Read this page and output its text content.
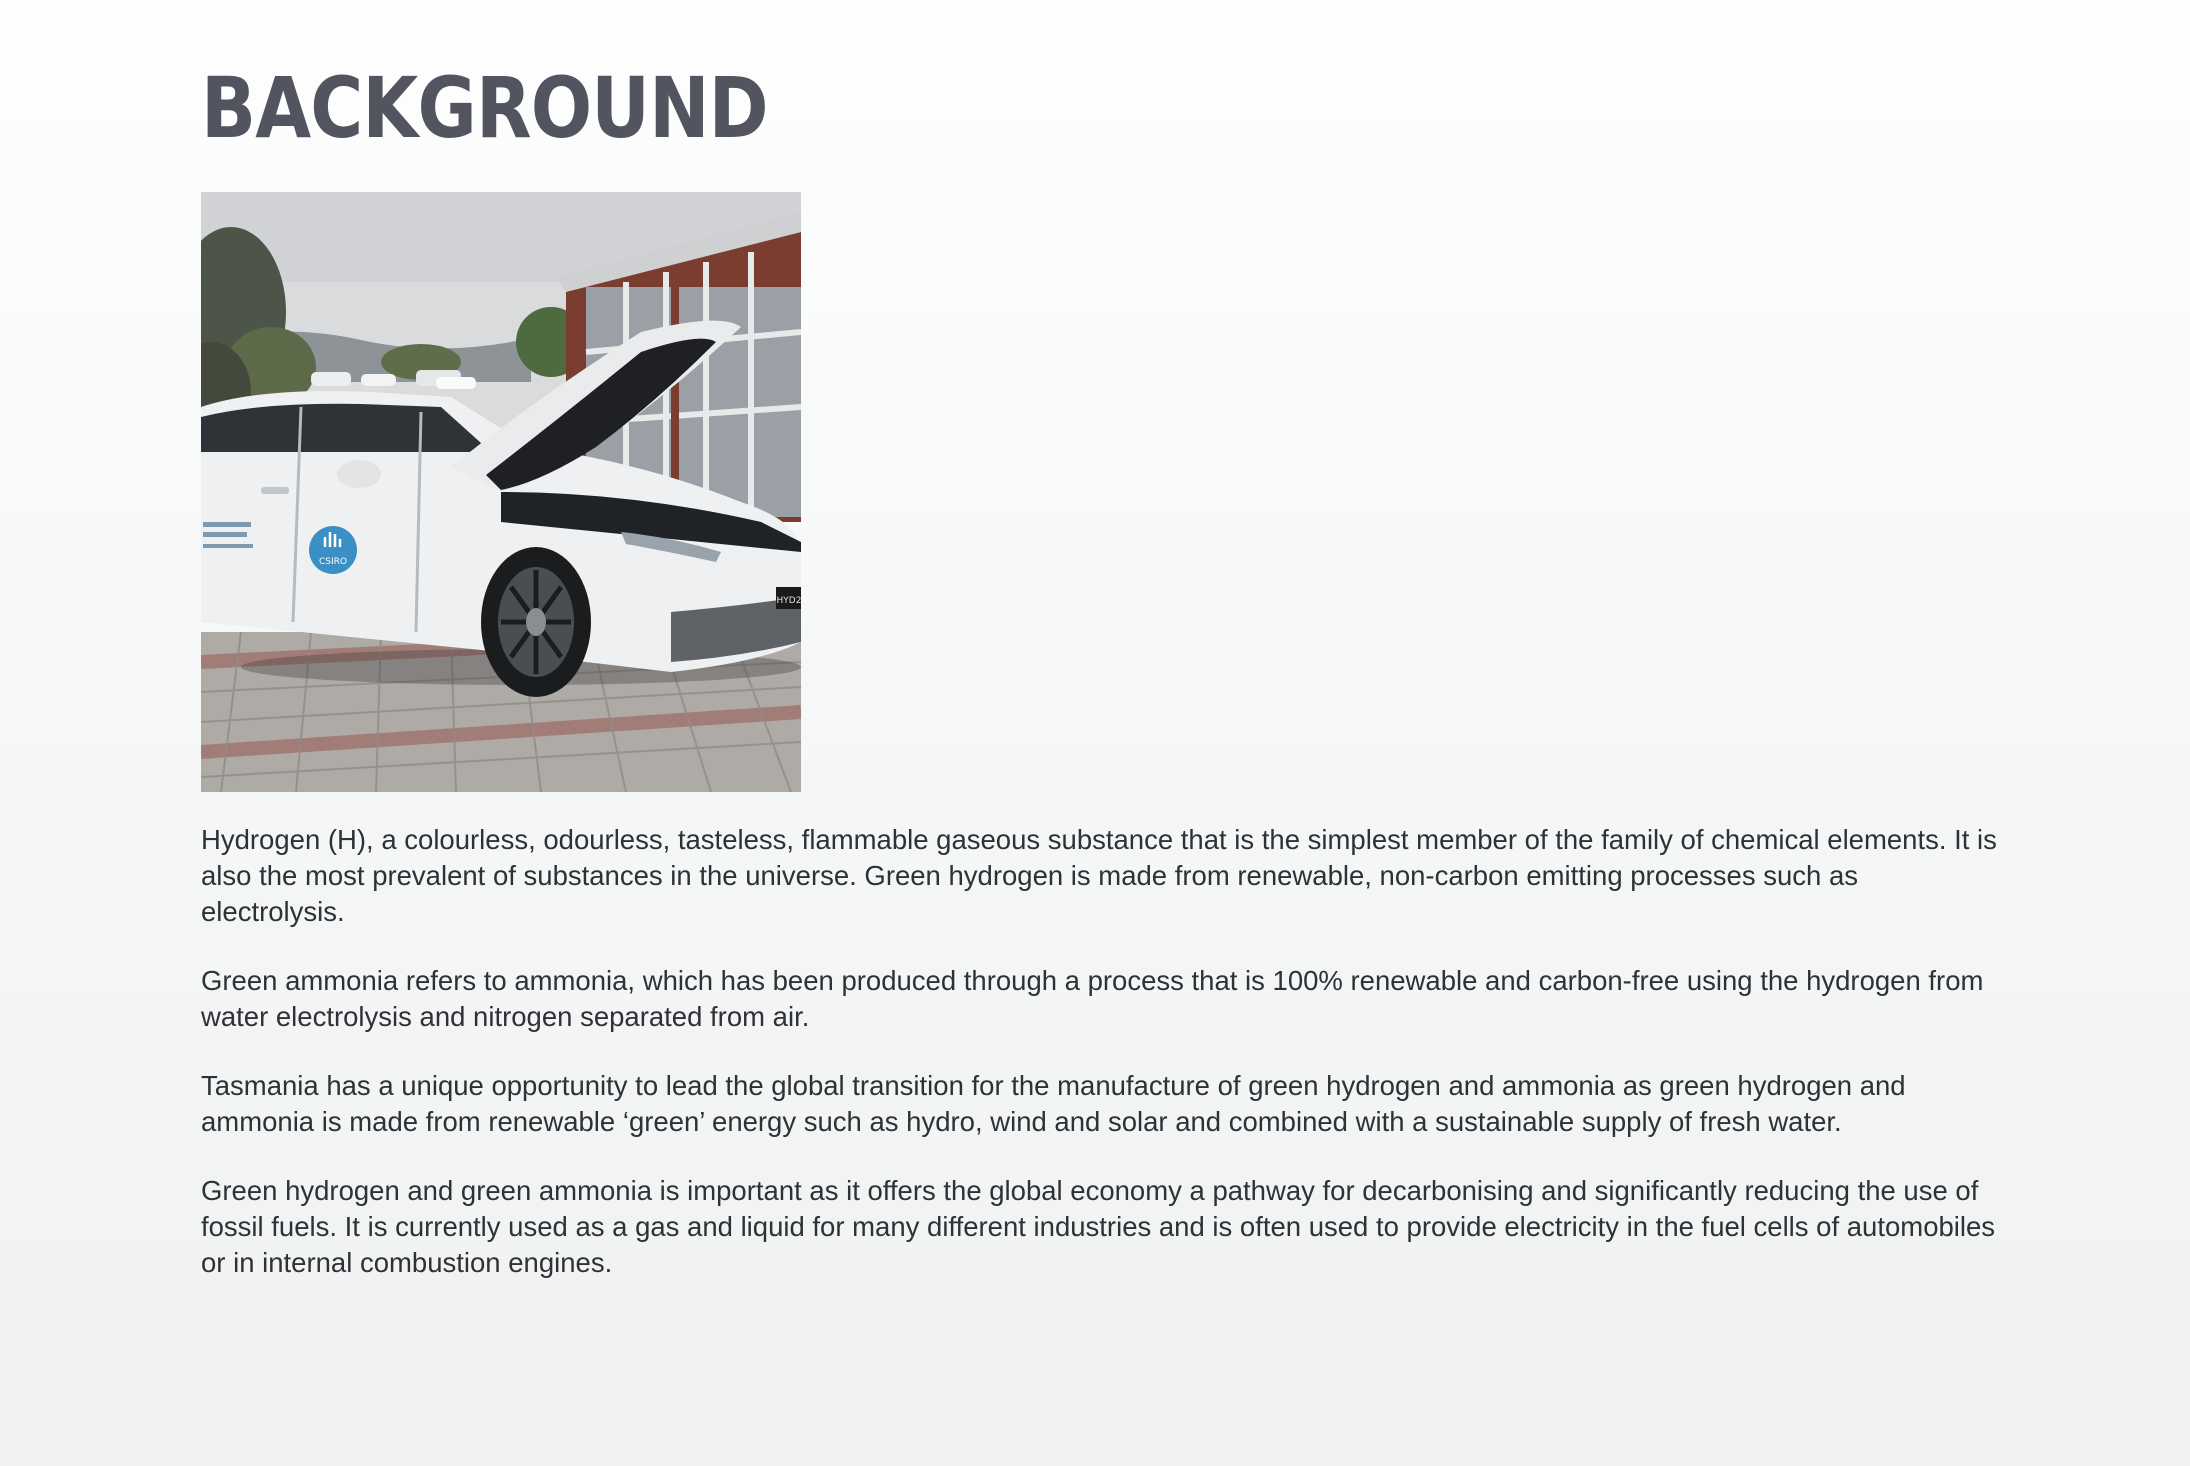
BACKGROUND
CSIRO
HYD2

Hydrogen (H), a colourless, odourless, tasteless, flammable gaseous substance that is the simplest member of the family of chemical elements. It is also the most prevalent of substances in the universe. Green hydrogen is made from renewable, non-carbon emitting processes such as electrolysis.

Green ammonia refers to ammonia, which has been produced through a process that is 100% renewable and carbon-free using the hydrogen from water electrolysis and nitrogen separated from air.

Tasmania has a unique opportunity to lead the global transition for the manufacture of green hydrogen and ammonia as green hydrogen and ammonia is made from renewable ‘green’ energy such as hydro, wind and solar and combined with a sustainable supply of fresh water.

Green hydrogen and green ammonia is important as it offers the global economy a pathway for decarbonising and significantly reducing the use of fossil fuels. It is currently used as a gas and liquid for many different industries and is often used to provide electricity in the fuel cells of automobiles or in internal combustion engines.
